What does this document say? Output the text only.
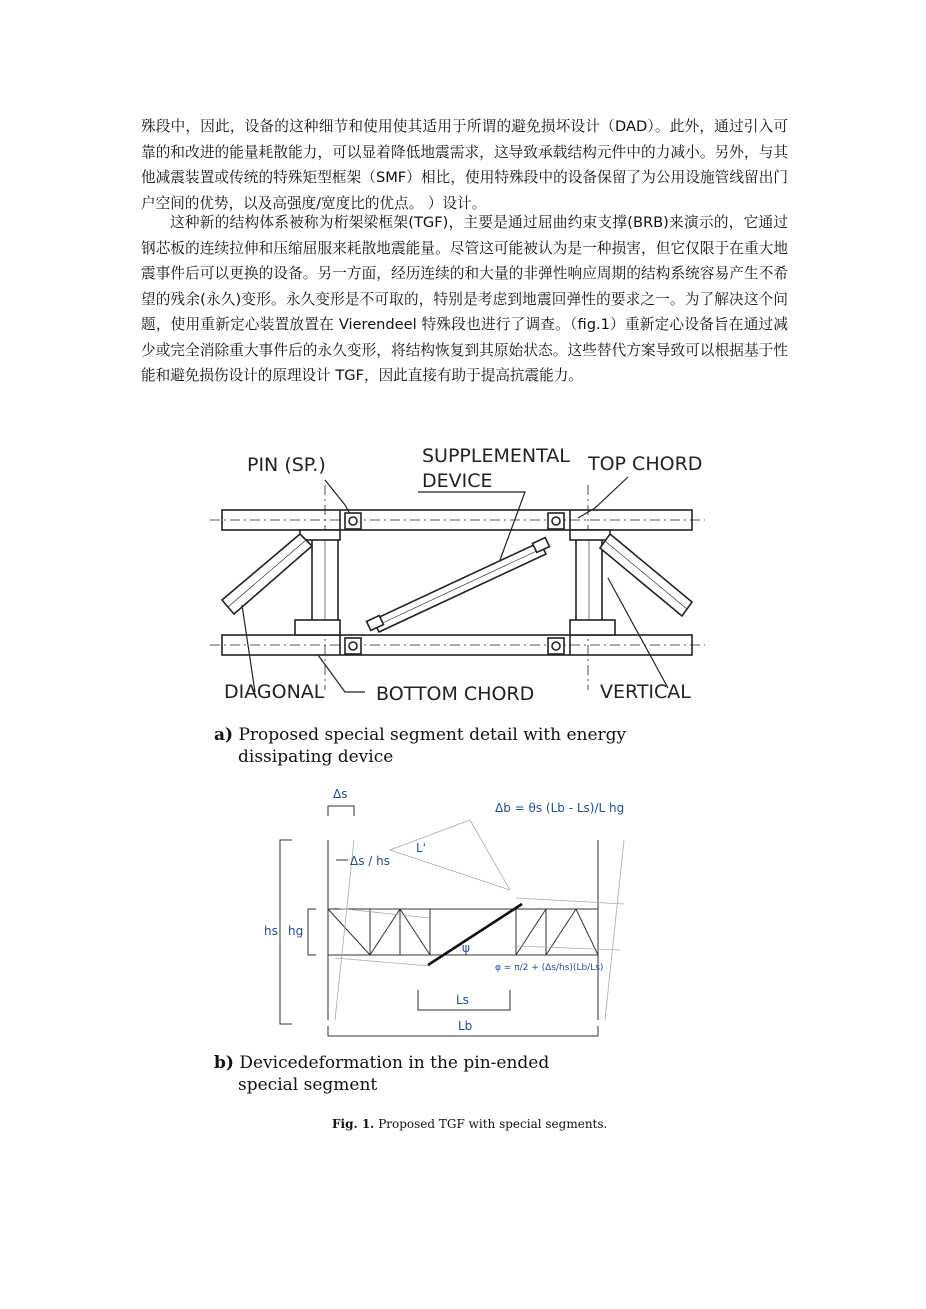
殊段中，因此，设备的这种细节和使用使其适用于所谓的避免损坏设计（DAD）。此外，通过引入可靠的和改进的能量耗散能力，可以显着降低地震需求，这导致承载结构元件中的力减小。另外，与其他减震装置或传统的特殊矩型框架（SMF）相比，使用特殊段中的设备保留了为公用设施管线留出门户空间的优势，以及高强度/宽度比的优点。 ）设计。

这种新的结构体系被称为桁架梁框架(TGF)，主要是通过屈曲约束支撑(BRB)来演示的，它通过钢芯板的连续拉伸和压缩屈服来耗散地震能量。尽管这可能被认为是一种损害，但它仅限于在重大地震事件后可以更换的设备。另一方面，经历连续的和大量的非弹性响应周期的结构系统容易产生不希望的残余(永久)变形。永久变形是不可取的，特别是考虑到地震回弹性的要求之一。为了解决这个问题，使用重新定心装置放置在 Vierendeel 特殊段也进行了调查。（fig.1）重新定心设备旨在通过减少或完全消除重大事件后的永久变形，将结构恢复到其原始状态。这些替代方案导致可以根据基于性能和避免损伤设计的原理设计 TGF，因此直接有助于提高抗震能力。

PIN (SP.)	SUPPLEMENTAL
DEVICE
TOP CHORD
DIAGONAL	BOTTOM CHORD	VERTICAL
a) Proposed special segment detail with energy
dissipating device
Δs
Δb = θs (Lb - Ls)/L hg
Δs / hs
L'
hs hg
ψ
φ = π/2 + (Δs/hs)(Lb/Ls)
Ls
Lb
b) Devicedeformation in the pin-ended
special segment
Fig. 1. Proposed TGF with special segments.
